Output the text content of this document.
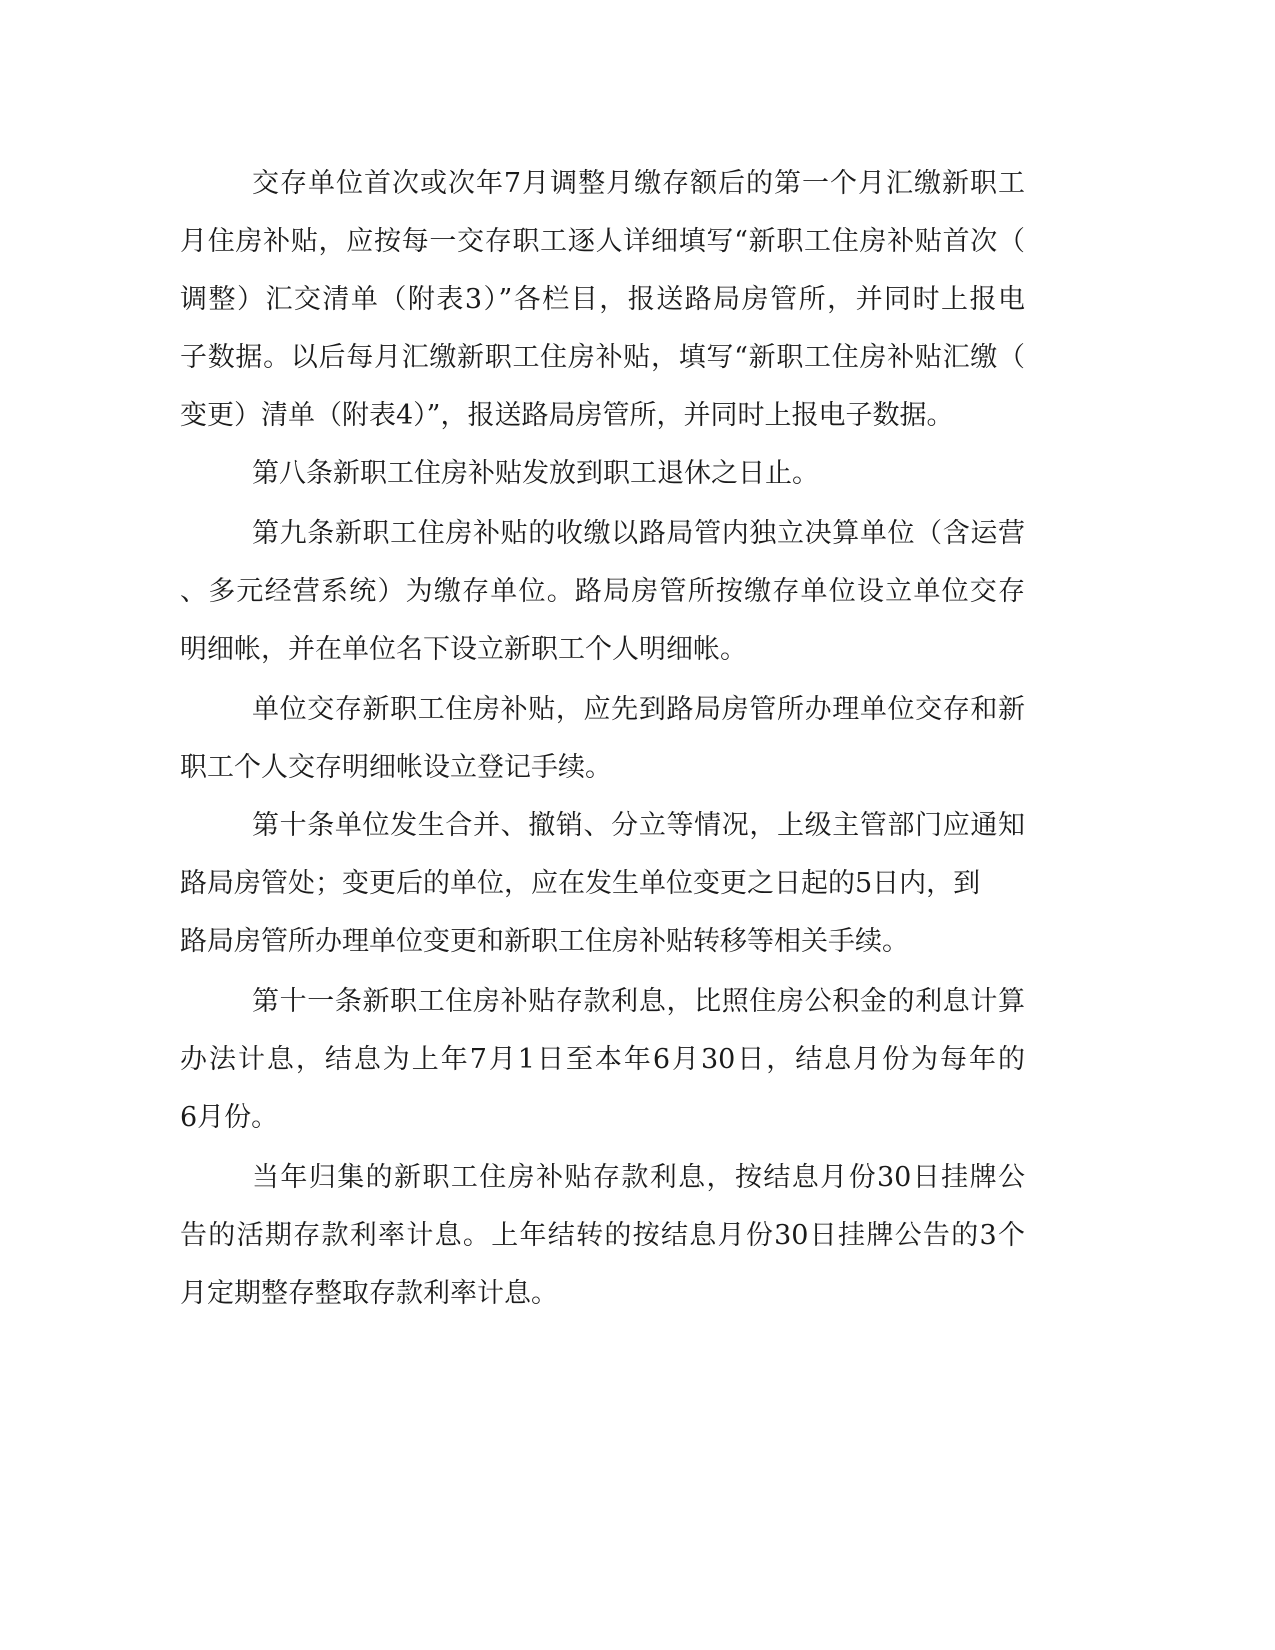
交存单位首次或次年7月调整月缴存额后的第一个月汇缴新职工
月住房补贴，应按每一交存职工逐人详细填写“新职工住房补贴首次（
调整）汇交清单（附表3）”各栏目，报送路局房管所，并同时上报电
子数据。以后每月汇缴新职工住房补贴，填写“新职工住房补贴汇缴（
变更）清单（附表4）”，报送路局房管所，并同时上报电子数据。
第八条新职工住房补贴发放到职工退休之日止。
第九条新职工住房补贴的收缴以路局管内独立决算单位（含运营
、多元经营系统）为缴存单位。路局房管所按缴存单位设立单位交存
明细帐，并在单位名下设立新职工个人明细帐。
单位交存新职工住房补贴，应先到路局房管所办理单位交存和新
职工个人交存明细帐设立登记手续。
第十条单位发生合并、撤销、分立等情况，上级主管部门应通知
路局房管处；变更后的单位，应在发生单位变更之日起的5日内，到
路局房管所办理单位变更和新职工住房补贴转移等相关手续。
第十一条新职工住房补贴存款利息，比照住房公积金的利息计算
办法计息，结息为上年7月1日至本年6月30日，结息月份为每年的
6月份。
当年归集的新职工住房补贴存款利息，按结息月份30日挂牌公
告的活期存款利率计息。上年结转的按结息月份30日挂牌公告的3个
月定期整存整取存款利率计息。
